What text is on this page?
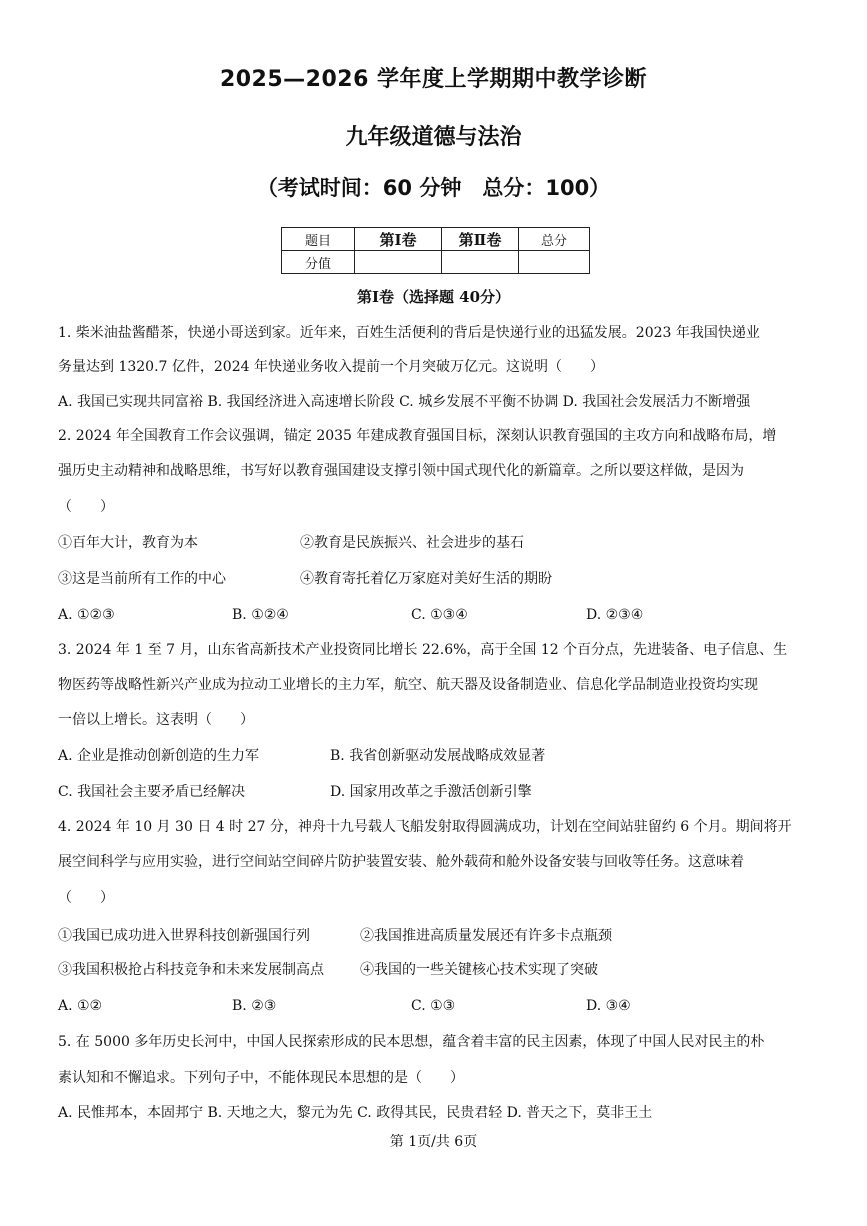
2025—2026 学年度上学期期中教学诊断
九年级道德与法治
（考试时间：60 分钟　总分：100）
题目	第Ⅰ卷	第Ⅱ卷	总分
分值			
第Ⅰ卷（选择题 40分）
1. 柴米油盐酱醋茶，快递小哥送到家。近年来，百姓生活便利的背后是快递行业的迅猛发展。2023 年我国快递业
务量达到 1320.7 亿件，2024 年快递业务收入提前一个月突破万亿元。这说明（　　）
A. 我国已实现共同富裕 B. 我国经济进入高速增长阶段 C. 城乡发展不平衡不协调 D. 我国社会发展活力不断增强
2. 2024 年全国教育工作会议强调，锚定 2035 年建成教育强国目标，深刻认识教育强国的主攻方向和战略布局，增
强历史主动精神和战略思维，书写好以教育强国建设支撑引领中国式现代化的新篇章。之所以要这样做，是因为
（　　）
①百年大计，教育为本	②教育是民族振兴、社会进步的基石
③这是当前所有工作的中心	④教育寄托着亿万家庭对美好生活的期盼
A. ①②③	B. ①②④	C. ①③④	D. ②③④
3. 2024 年 1 至 7 月，山东省高新技术产业投资同比增长 22.6%，高于全国 12 个百分点，先进装备、电子信息、生
物医药等战略性新兴产业成为拉动工业增长的主力军，航空、航天器及设备制造业、信息化学品制造业投资均实现
一倍以上增长。这表明（　　）
A. 企业是推动创新创造的生力军	B. 我省创新驱动发展战略成效显著
C. 我国社会主要矛盾已经解决	D. 国家用改革之手激活创新引擎
4. 2024 年 10 月 30 日 4 时 27 分，神舟十九号载人飞船发射取得圆满成功，计划在空间站驻留约 6 个月。期间将开
展空间科学与应用实验，进行空间站空间碎片防护装置安装、舱外载荷和舱外设备安装与回收等任务。这意味着
（　　）
①我国已成功进入世界科技创新强国行列	②我国推进高质量发展还有许多卡点瓶颈
③我国积极抢占科技竞争和未来发展制高点	④我国的一些关键核心技术实现了突破
A. ①②	B. ②③	C. ①③	D. ③④
5. 在 5000 多年历史长河中，中国人民探索形成的民本思想，蕴含着丰富的民主因素，体现了中国人民对民主的朴
素认知和不懈追求。下列句子中，不能体现民本思想的是（　　）
A. 民惟邦本，本固邦宁 B. 天地之大，黎元为先 C. 政得其民，民贵君轻 D. 普天之下，莫非王土
第 1页/共 6页
